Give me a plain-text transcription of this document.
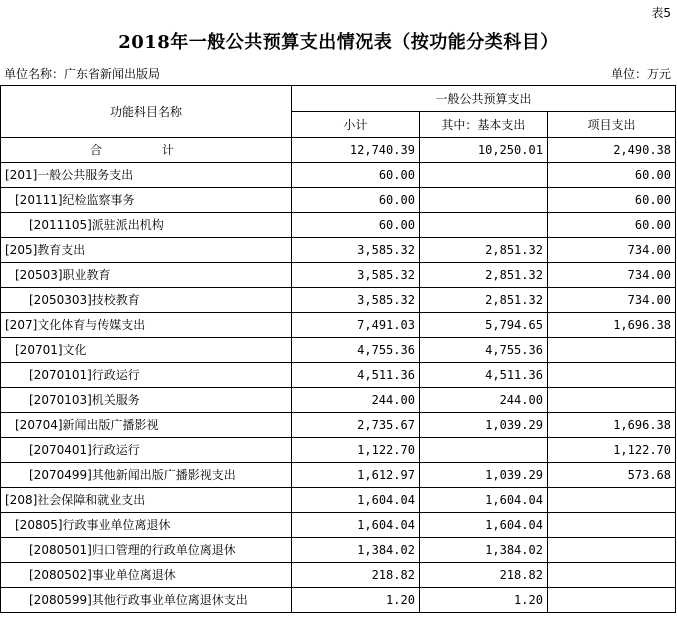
表5
2018年一般公共预算支出情况表（按功能分类科目）
单位名称：广东省新闻出版局	单位：万元
功能科目名称	一般公共预算支出		
	小计	其中：基本支出	项目支出
合 计	12,740.39	10,250.01	2,490.38
[201]一般公共服务支出	60.00		60.00
[20111]纪检监察事务	60.00		60.00
[2011105]派驻派出机构	60.00		60.00
[205]教育支出	3,585.32	2,851.32	734.00
[20503]职业教育	3,585.32	2,851.32	734.00
[2050303]技校教育	3,585.32	2,851.32	734.00
[207]文化体育与传媒支出	7,491.03	5,794.65	1,696.38
[20701]文化	4,755.36	4,755.36	
[2070101]行政运行	4,511.36	4,511.36	
[2070103]机关服务	244.00	244.00	
[20704]新闻出版广播影视	2,735.67	1,039.29	1,696.38
[2070401]行政运行	1,122.70		1,122.70
[2070499]其他新闻出版广播影视支出	1,612.97	1,039.29	573.68
[208]社会保障和就业支出	1,604.04	1,604.04	
[20805]行政事业单位离退休	1,604.04	1,604.04	
[2080501]归口管理的行政单位离退休	1,384.02	1,384.02	
[2080502]事业单位离退休	218.82	218.82	
[2080599]其他行政事业单位离退休支出	1.20	1.20	
